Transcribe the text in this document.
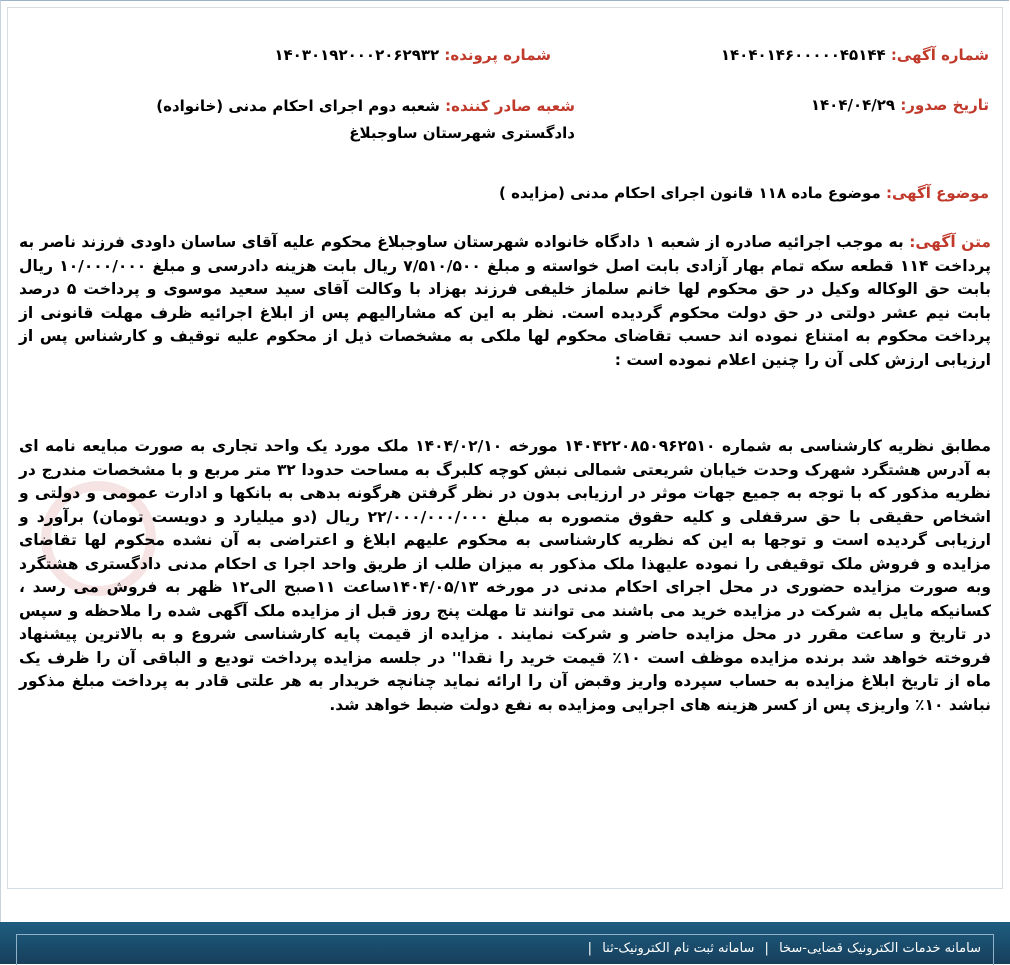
شماره آگهی: ۱۴۰۴۰۱۴۶۰۰۰۰۰۴۵۱۴۴
شماره پرونده: ۱۴۰۳۰۱۹۲۰۰۰۲۰۶۲۹۳۲
تاریخ صدور: ۱۴۰۴/۰۴/۲۹
شعبه صادر کننده: شعبه دوم اجرای احکام مدنی (خانواده) دادگستری شهرستان ساوجبلاغ
موضوع آگهی: موضوع ماده ۱۱۸ قانون اجرای احکام مدنی (مزایده )
متن آگهی: به موجب اجرائیه صادره از شعبه ۱ دادگاه خانواده شهرستان ساوجبلاغ محکوم علیه آقای ساسان داودی فرزند ناصر به پرداخت ۱۱۴ قطعه سکه تمام بهار آزادی بابت اصل خواسته و مبلغ ۷/۵۱۰/۵۰۰ ریال بابت هزینه دادرسی و مبلغ ۱۰/۰۰۰/۰۰۰ ریال بابت حق الوکاله وکیل در حق محکوم لها خانم سلماز خلیفی فرزند بهزاد با وکالت آقای سید سعید موسوی و پرداخت ۵ درصد بابت نیم عشر دولتی در حق دولت محکوم گردیده است. نظر به این که مشارالیهم پس از ابلاغ اجرائیه ظرف مهلت قانونی از پرداخت محکوم به امتناع نموده اند حسب تقاضای محکوم لها ملکی به مشخصات ذیل از محکوم علیه توقیف و کارشناس پس از ارزیابی ارزش کلی آن را چنین اعلام نموده است :
مطابق نظریه کارشناسی به شماره ۱۴۰۴۲۲۰۸۵۰۹۶۲۵۱۰ مورخه ۱۴۰۴/۰۲/۱۰ ملک مورد یک واحد تجاری به صورت مبایعه نامه ای به آدرس هشتگرد شهرک وحدت خیابان شریعتی شمالی نبش کوچه کلبرگ به مساحت حدودا ۳۲ متر مربع و با مشخصات مندرج در نظریه مذکور که با توجه به جمیع جهات موثر در ارزیابی بدون در نظر گرفتن هرگونه بدهی به بانکها و ادارت عمومی و دولتی و اشخاص حقیقی با حق سرقفلی و کلیه حقوق متصوره به مبلغ ۲۲/۰۰۰/۰۰۰/۰۰۰ ریال (دو میلیارد و دویست تومان) برآورد و ارزیابی گردیده است و توجها به این که نظریه کارشناسی به محکوم علیهم ابلاغ و اعتراضی به آن نشده محکوم لها تقاضای مزایده و فروش ملک توقیفی را نموده علیهذا ملک مذکور به میزان طلب از طریق واحد اجرا ی احکام مدنی دادگستری هشتگرد وبه صورت مزایده حضوری در محل اجرای احکام مدنی در مورخه ۱۴۰۴/۰۵/۱۳ساعت ۱۱صبح الی۱۲ ظهر به فروش می رسد ، کسانیکه مایل به شرکت در مزایده خرید می باشند می توانند تا مهلت پنج روز قبل از مزایده ملک آگهی شده را ملاحظه و سپس در تاریخ و ساعت مقرر در محل مزایده حاضر و شرکت نمایند . مزایده از قیمت پایه کارشناسی شروع و به بالاترین پیشنهاد فروخته خواهد شد برنده مزایده موظف است ۱۰٪ قیمت خرید را نقدا'' در جلسه مزایده پرداخت تودیع و الباقی آن را ظرف یک ماه از تاریخ ابلاغ مزایده به حساب سپرده واریز وقبض آن را ارائه نماید چنانچه خریدار به هر علتی قادر به پرداخت مبلغ مذکور نباشد ۱۰٪ واریزی پس از کسر هزینه های اجرایی ومزایده به نفع دولت ضبط خواهد شد.
سامانه خدمات الکترونیک قضایی-سخا | سامانه ثبت نام الکترونیک-ثنا |
